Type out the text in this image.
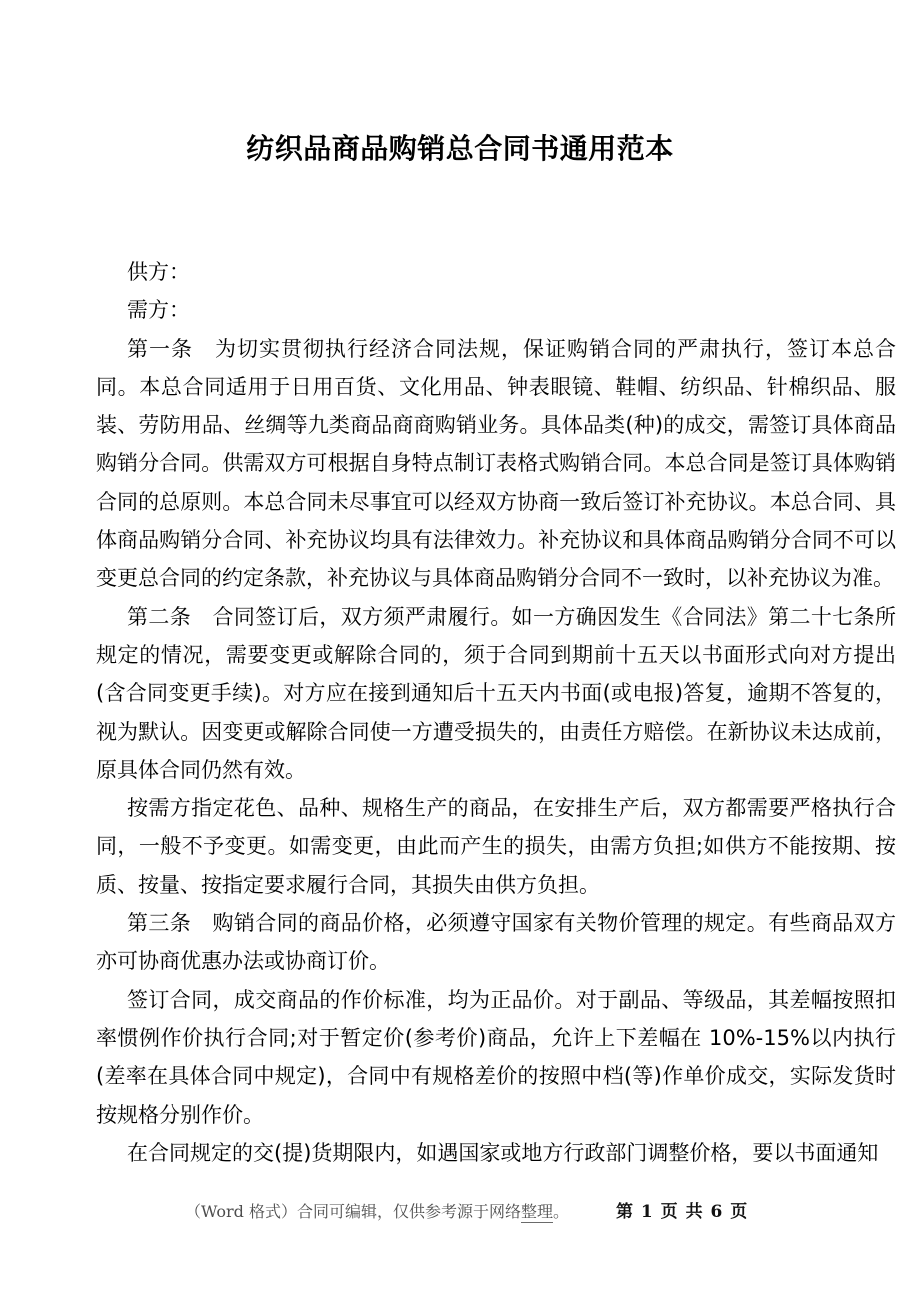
纺织品商品购销总合同书通用范本

供方：

需方：

第一条　为切实贯彻执行经济合同法规，保证购销合同的严肃执行，签订本总合同。本总合同适用于日用百货、文化用品、钟表眼镜、鞋帽、纺织品、针棉织品、服装、劳防用品、丝绸等九类商品商商购销业务。具体品类(种)的成交，需签订具体商品购销分合同。供需双方可根据自身特点制订表格式购销合同。本总合同是签订具体购销合同的总原则。本总合同未尽事宜可以经双方协商一致后签订补充协议。本总合同、具体商品购销分合同、补充协议均具有法律效力。补充协议和具体商品购销分合同不可以变更总合同的约定条款，补充协议与具体商品购销分合同不一致时，以补充协议为准。

第二条　合同签订后，双方须严肃履行。如一方确因发生《合同法》第二十七条所规定的情况，需要变更或解除合同的，须于合同到期前十五天以书面形式向对方提出(含合同变更手续)。对方应在接到通知后十五天内书面(或电报)答复，逾期不答复的，视为默认。因变更或解除合同使一方遭受损失的，由责任方赔偿。在新协议未达成前，原具体合同仍然有效。

按需方指定花色、品种、规格生产的商品，在安排生产后，双方都需要严格执行合同，一般不予变更。如需变更，由此而产生的损失，由需方负担;如供方不能按期、按质、按量、按指定要求履行合同，其损失由供方负担。

第三条　购销合同的商品价格，必须遵守国家有关物价管理的规定。有些商品双方亦可协商优惠办法或协商订价。

签订合同，成交商品的作价标准，均为正品价。对于副品、等级品，其差幅按照扣率惯例作价执行合同;对于暂定价(参考价)商品，允许上下差幅在 10%-15%以内执行(差率在具体合同中规定)，合同中有规格差价的按照中档(等)作单价成交，实际发货时按规格分别作价。

在合同规定的交(提)货期限内，如遇国家或地方行政部门调整价格，要以书面通知

（Word 格式）合同可编辑，仅供参考源于网络整理。	第 1 页 共 6 页
